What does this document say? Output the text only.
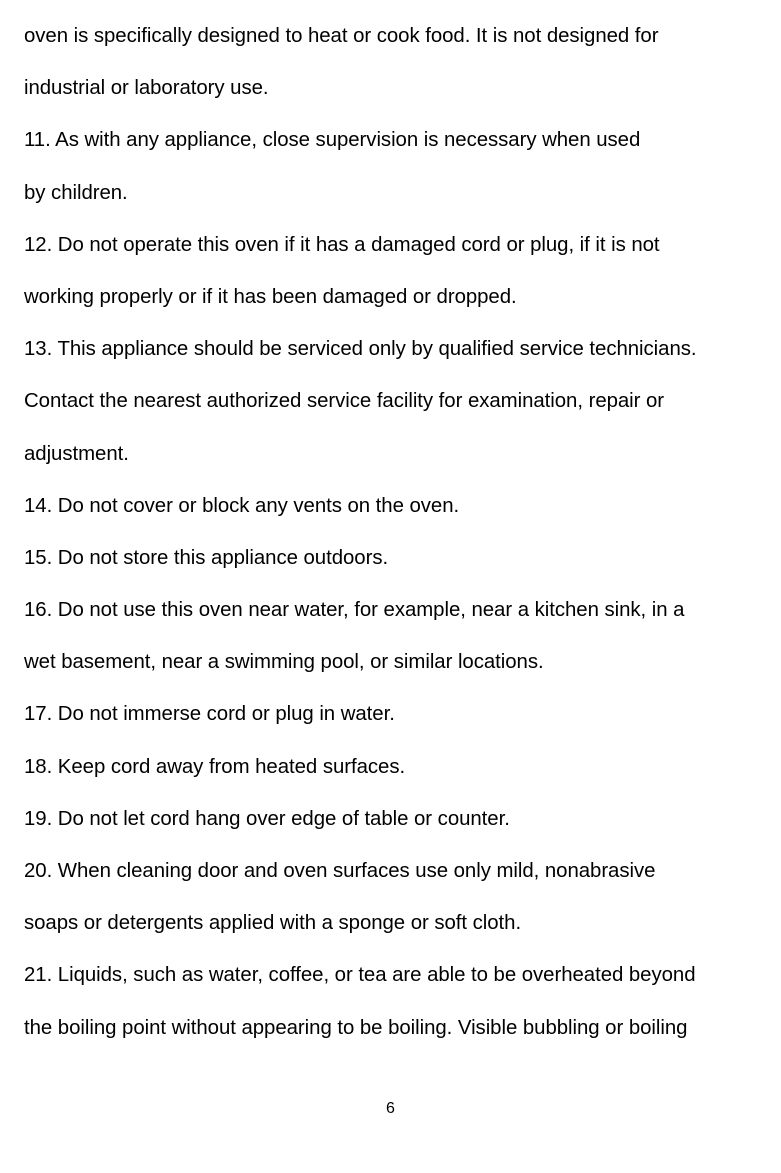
oven is specifically designed to heat or cook food. It is not designed for
industrial or laboratory use.
11. As with any appliance, close supervision is necessary when used
by children.
12. Do not operate this oven if it has a damaged cord or plug, if it is not
working properly or if it has been damaged or dropped.
13. This appliance should be serviced only by qualified service technicians.
Contact the nearest authorized service facility for examination, repair or
adjustment.
14. Do not cover or block any vents on the oven.
15. Do not store this appliance outdoors.
16. Do not use this oven near water, for example, near a kitchen sink, in a
wet basement, near a swimming pool, or similar locations.
17. Do not immerse cord or plug in water.
18. Keep cord away from heated surfaces.
19. Do not let cord hang over edge of table or counter.
20. When cleaning door and oven surfaces use only mild, nonabrasive
soaps or detergents applied with a sponge or soft cloth.
21. Liquids, such as water, coffee, or tea are able to be overheated beyond
the boiling point without appearing to be boiling. Visible bubbling or boiling
6
